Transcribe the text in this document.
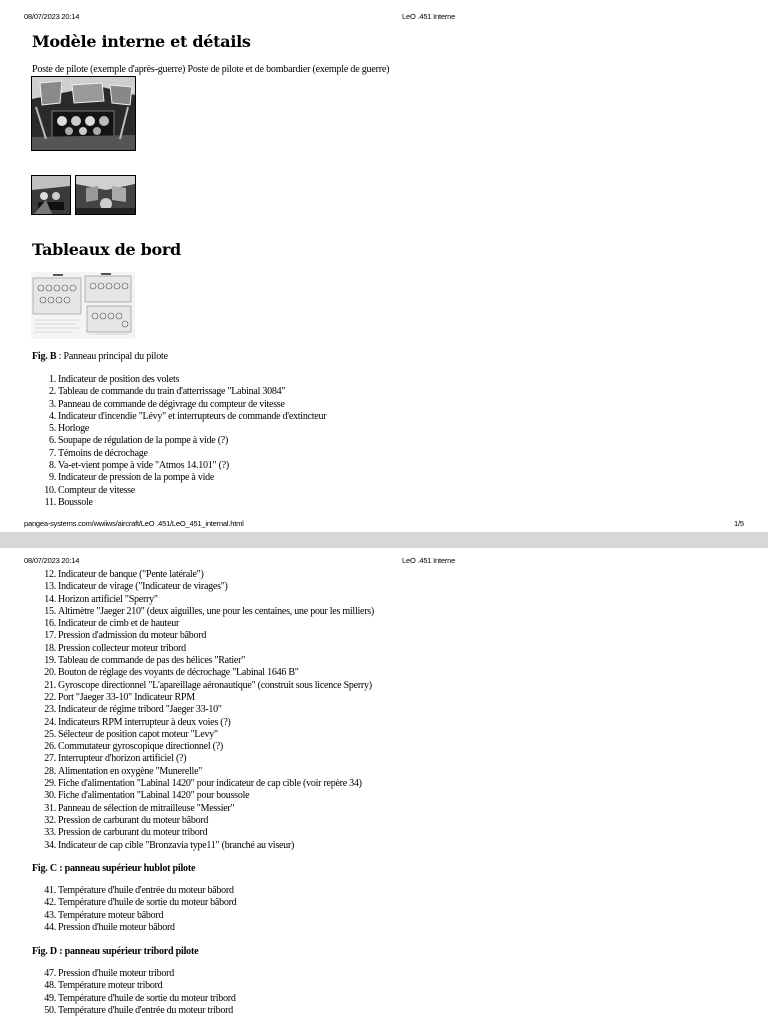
08/07/2023 20:14	LeO .451 Interne
Modèle interne et détails
Poste de pilote (exemple d'après-guerre) Poste de pilote et de bombardier (exemple de guerre)
Tableaux de bord
Fig. B : Panneau principal du pilote
1. Indicateur de position des volets
2. Tableau de commande du train d'atterrissage "Labinal 3084"
3. Panneau de commande de dégivrage du compteur de vitesse
4. Indicateur d'incendie "Lévy" et interrupteurs de commande d'extincteur
5. Horloge
6. Soupape de régulation de la pompe à vide (?)
7. Témoins de décrochage
8. Va-et-vient pompe à vide "Atmos 14.101" (?)
9. Indicateur de pression de la pompe à vide
10. Compteur de vitesse
11. Boussole
pangea-systems.com/wwiiws/aircraft/LeO .451/LeO_451_internal.html	1/5
08/07/2023 20:14	LeO .451 Interne
12. Indicateur de banque ("Pente latérale")
13. Indicateur de virage ("Indicateur de virages")
14. Horizon artificiel "Sperry"
15. Altimètre "Jaeger 210" (deux aiguilles, une pour les centaines, une pour les milliers)
16. Indicateur de cimb et de hauteur
17. Pression d'admission du moteur bâbord
18. Pression collecteur moteur tribord
19. Tableau de commande de pas des hélices "Ratier"
20. Bouton de réglage des voyants de décrochage "Labinal 1646 B"
21. Gyroscope directionnel "L'apareillage aéronautique" (construit sous licence Sperry)
22. Port "Jaeger 33-10" Indicateur RPM
23. Indicateur de régime tribord "Jaeger 33-10"
24. Indicateurs RPM interrupteur à deux voies (?)
25. Sélecteur de position capot moteur "Levy"
26. Commutateur gyroscopique directionnel (?)
27. Interrupteur d'horizon artificiel (?)
28. Alimentation en oxygène "Munerelle"
29. Fiche d'alimentation "Labinal 1420" pour indicateur de cap cible (voir repère 34)
30. Fiche d'alimentation "Labinal 1420" pour boussole
31. Panneau de sélection de mitrailleuse "Messier"
32. Pression de carburant du moteur bâbord
33. Pression de carburant du moteur tribord
34. Indicateur de cap cible "Bronzavia type11" (branché au viseur)
Fig. C : panneau supérieur hublot pilote
41. Température d'huile d'entrée du moteur bâbord
42. Température d'huile de sortie du moteur bâbord
43. Température moteur bâbord
44. Pression d'huile moteur bâbord
Fig. D : panneau supérieur tribord pilote
47. Pression d'huile moteur tribord
48. Température moteur tribord
49. Température d'huile de sortie du moteur tribord
50. Température d'huile d'entrée du moteur tribord
